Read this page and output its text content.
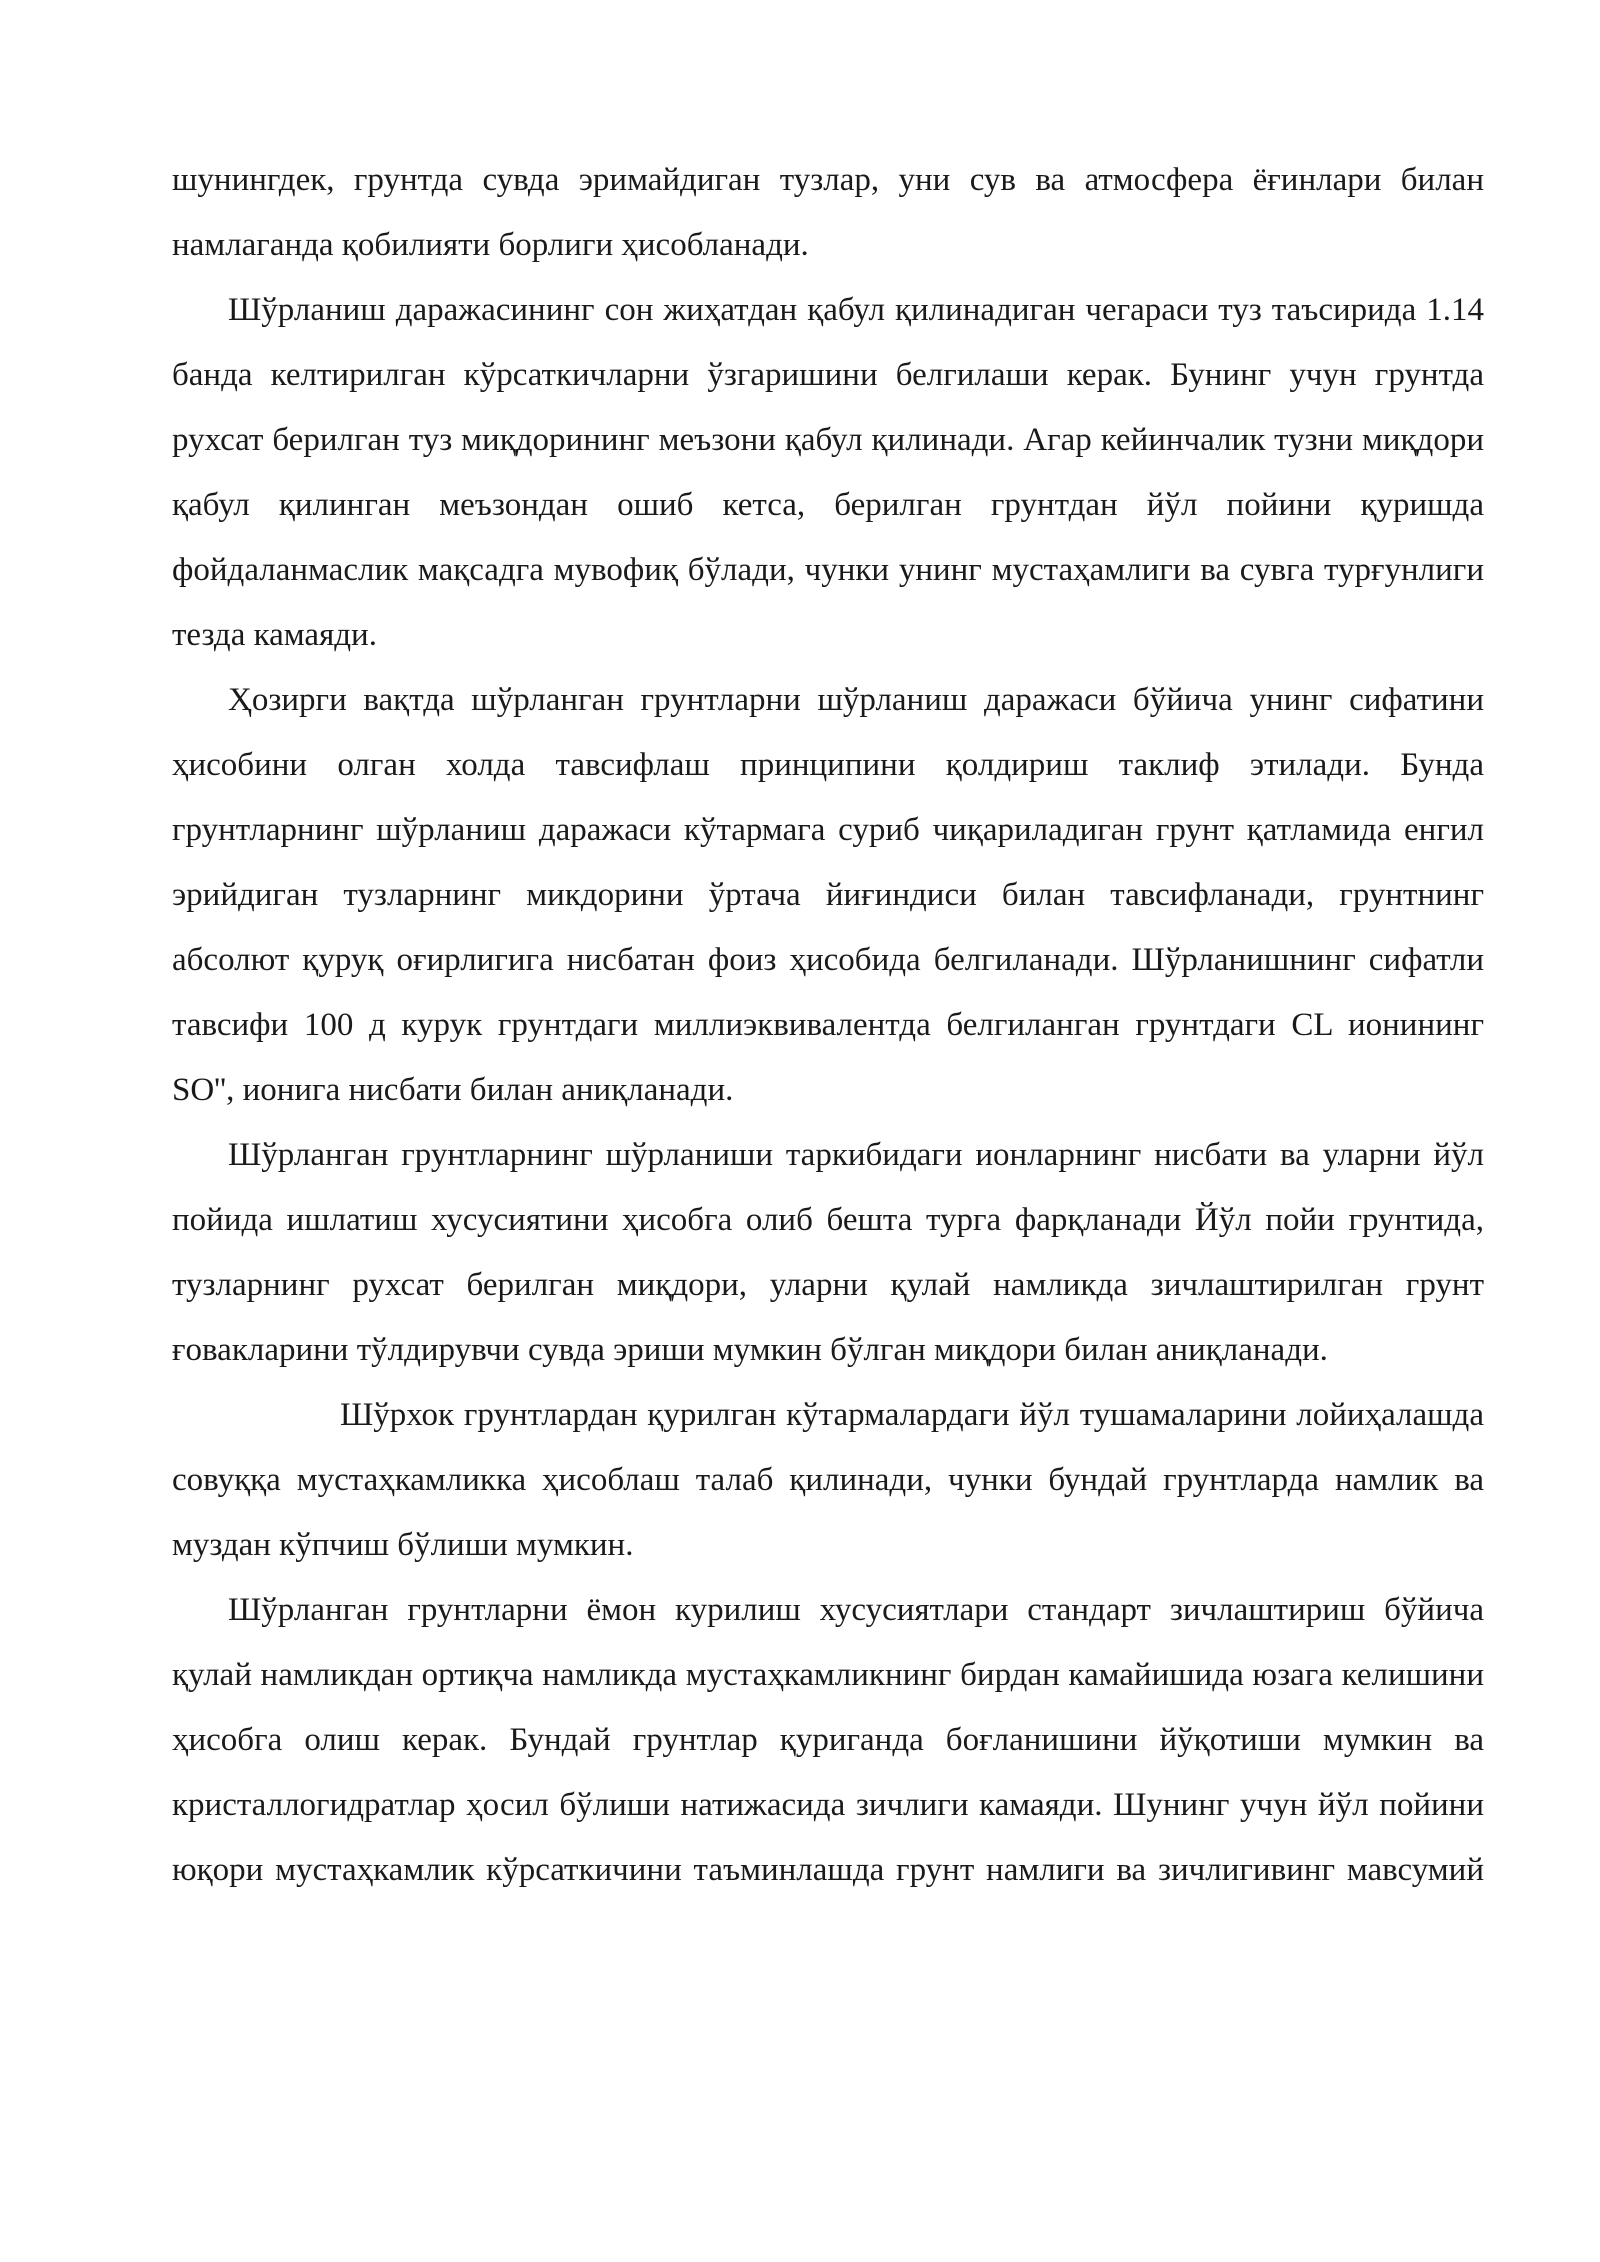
шунингдек, грунтда сувда эримайдиган тузлар, уни сув ва атмосфера ёғинлари билан намлаганда қобилияти борлиги ҳисобланади.

Шўрланиш даражасининг сон жиҳатдан қабул қилинадиган чегараси туз таъсирида 1.14 банда келтирилган кўрсаткичларни ўзгаришини белгилаши керак. Бунинг учун грунтда рухсат берилган туз миқдорининг меъзони қабул қилинади. Агар кейинчалик тузни миқдори қабул қилинган меъзондан ошиб кетса, берилган грунтдан йўл пойини қуришда фойдаланмаслик мақсадга мувофиқ бўлади, чунки унинг мустаҳамлиги ва сувга турғунлиги тезда камаяди.

Ҳозирги вақтда шўрланган грунтларни шўрланиш даражаси бўйича унинг сифатини ҳисобини олган холда тавсифлаш принципини қолдириш таклиф этилади. Бунда грунтларнинг шўрланиш даражаси кўтармага суриб чиқариладиган грунт қатламида енгил эрийдиган тузларнинг микдорини ўртача йиғиндиси билан тавсифланади, грунтнинг абсолют қуруқ оғирлигига нисбатан фоиз ҳисобида белгиланади. Шўрланишнинг сифатли тавсифи 100 д курук грунтдаги миллиэквивалентда белгиланган грунтдаги CL ионининг SO'', ионига нисбати билан аниқланади.

Шўрланган грунтларнинг шўрланиши таркибидаги ионларнинг нисбати ва уларни йўл пойида ишлатиш хусусиятини ҳисобга олиб бешта турга фарқланади Йўл пойи грунтида, тузларнинг рухсат берилган миқдори, уларни қулай намликда зичлаштирилган грунт ғовакларини тўлдирувчи сувда эриши мумкин бўлган миқдори билан аниқланади.

Шўрхок грунтлардан қурилган кўтармалардаги йўл тушамаларини лойиҳалашда совуққа мустаҳкамликка ҳисоблаш талаб қилинади, чунки бундай грунтларда намлик ва муздан кўпчиш бўлиши мумкин.

Шўрланган грунтларни ёмон курилиш хусусиятлари стандарт зичлаштириш бўйича қулай намликдан ортиқча намликда мустаҳкамликнинг бирдан камайишида юзага келишини ҳисобга олиш керак. Бундай грунтлар қуриганда боғланишини йўқотиши мумкин ва кристаллогидратлар ҳосил бўлиши натижасида зичлиги камаяди. Шунинг учун йўл пойини юқори мустаҳкамлик кўрсаткичини таъминлашда грунт намлиги ва зичлигивинг мавсумий
